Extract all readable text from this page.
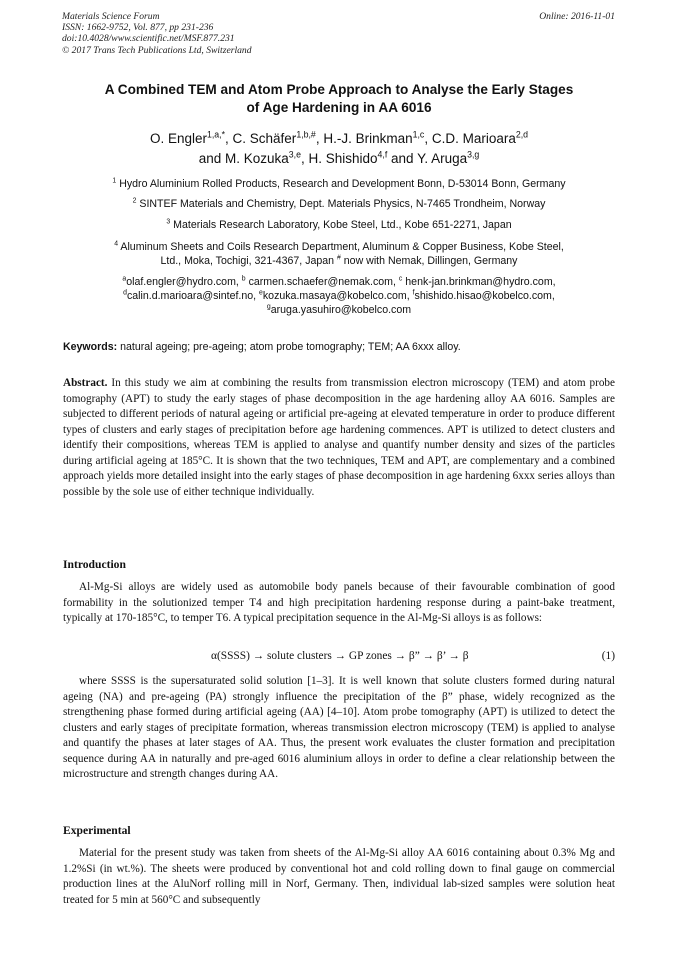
Materials Science Forum
ISSN: 1662-9752, Vol. 877, pp 231-236
doi:10.4028/www.scientific.net/MSF.877.231
© 2017 Trans Tech Publications Ltd, Switzerland
Online: 2016-11-01
A Combined TEM and Atom Probe Approach to Analyse the Early Stages
of Age Hardening in AA 6016
O. Engler$^{1,a,*}$, C. Schäfer$^{1,b,\#}$, H.-J. Brinkman$^{1,c}$, C.D. Marioara$^{2,d}$
and M. Kozuka$^{3,e}$, H. Shishido$^{4,f}$ and Y. Aruga$^{3,g}$
$^1$ Hydro Aluminium Rolled Products, Research and Development Bonn, D-53014 Bonn, Germany
$^2$ SINTEF Materials and Chemistry, Dept. Materials Physics, N-7465 Trondheim, Norway
$^3$ Materials Research Laboratory, Kobe Steel, Ltd., Kobe 651-2271, Japan
$^4$ Aluminum Sheets and Coils Research Department, Aluminum & Copper Business, Kobe Steel,
Ltd., Moka, Tochigi, 321-4367, Japan # now with Nemak, Dillingen, Germany
$^a$olaf.engler@hydro.com, $^b$ carmen.schaefer@nemak.com, $^c$ henk-jan.brinkman@hydro.com,
$^d$calin.d.marioara@sintef.no, $^e$kozuka.masaya@kobelco.com, $^f$shishido.hisao@kobelco.com,
$^g$aruga.yasuhiro@kobelco.com
Keywords: natural ageing; pre-ageing; atom probe tomography; TEM; AA 6xxx alloy.
Abstract. In this study we aim at combining the results from transmission electron microscopy (TEM) and atom probe tomography (APT) to study the early stages of phase decomposition in the age hardening alloy AA 6016. Samples are subjected to different periods of natural ageing or artificial pre-ageing at elevated temperature in order to produce different types of clusters and early stages of precipitation before age hardening commences. APT is utilized to detect clusters and identify their compositions, whereas TEM is applied to analyse and quantify number density and sizes of the particles during artificial ageing at 185°C. It is shown that the two techniques, TEM and APT, are complementary and a combined approach yields more detailed insight into the early stages of phase decomposition in age hardening 6xxx series alloys than possible by the sole use of either technique individually.
Introduction
Al-Mg-Si alloys are widely used as automobile body panels because of their favourable combination of good formability in the solutionized temper T4 and high precipitation hardening response during a paint-bake treatment, typically at 170-185°C, to temper T6. A typical precipitation sequence in the Al-Mg-Si alloys is as follows:
α(SSSS) → solute clusters → GP zones → β” → β’ → β	(1)
where SSSS is the supersaturated solid solution [1–3]. It is well known that solute clusters formed during natural ageing (NA) and pre-ageing (PA) strongly influence the precipitation of the β” phase, widely recognized as the strengthening phase formed during artificial ageing (AA) [4–10]. Atom probe tomography (APT) is utilized to detect the clusters and early stages of precipitate formation, whereas transmission electron microscopy (TEM) is applied to analyse and quantify the phases at later stages of AA. Thus, the present work evaluates the cluster formation and precipitation sequence during AA in naturally and pre-aged 6016 aluminium alloys in order to define a clear relationship between the microstructure and strength changes during AA.
Experimental
Material for the present study was taken from sheets of the Al-Mg-Si alloy AA 6016 containing about 0.3% Mg and 1.2%Si (in wt.%). The sheets were produced by conventional hot and cold rolling down to final gauge on commercial production lines at the AluNorf rolling mill in Norf, Germany. Then, individual lab-sized samples were solution heat treated for 5 min at 560°C and subsequently
